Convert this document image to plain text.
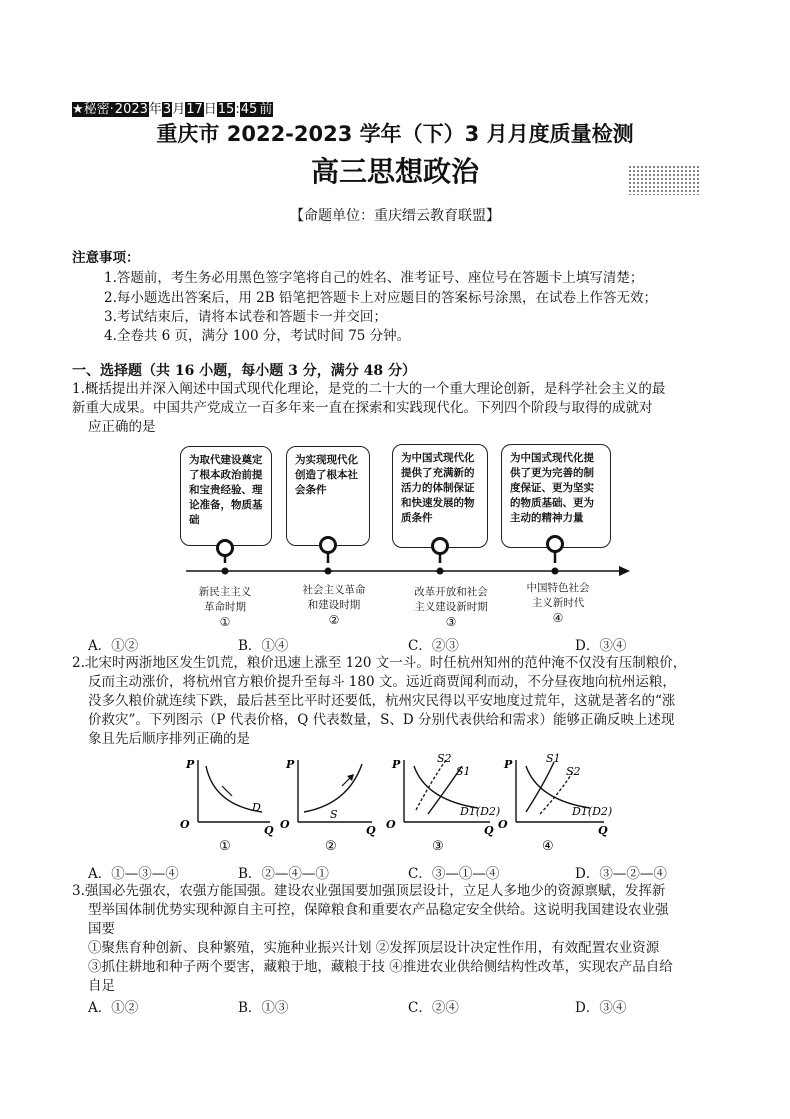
★秘密·2023年3月17日15:45 前
重庆市 2022-2023 学年（下）3 月月度质量检测
高三思想政治
【命题单位：重庆缙云教育联盟】
注意事项：
1.答题前，考生务必用黑色签字笔将自己的姓名、准考证号、座位号在答题卡上填写清楚；
2.每小题选出答案后，用 2B 铅笔把答题卡上对应题目的答案标号涂黑，在试卷上作答无效；
3.考试结束后，请将本试卷和答题卡一并交回；
4.全卷共 6 页，满分 100 分，考试时间 75 分钟。
一、选择题（共 16 小题，每小题 3 分，满分 48 分）
1.概括提出并深入阐述中国式现代化理论，是党的二十大的一个重大理论创新，是科学社会主义的最
新重大成果。中国共产党成立一百多年来一直在探索和实践现代化。下列四个阶段与取得的成就对
应正确的是
为取代建设奠定了根本政治前提和宝贵经验、理论准备，物质基础
为实现现代化创造了根本社会条件
为中国式现代化提供了充满新的活力的体制保证和快速发展的物质条件
为中国式现代化提供了更为完善的制度保证、更为坚实的物质基础、更为主动的精神力量
新民主主义
革命时期
①
社会主义革命
和建设时期
②
改革开放和社会
主义建设新时期
③
中国特色社会
主义新时代
④
A．①②	B．①④	C．②③	D．③④
2.北宋时两浙地区发生饥荒，粮价迅速上涨至 120 文一斗。时任杭州知州的范仲淹不仅没有压制粮价，
反而主动涨价，将杭州官方粮价提升至每斗 180 文。远近商贾闻利而动，不分昼夜地向杭州运粮，
没多久粮价就连续下跌，最后甚至比平时还要低，杭州灾民得以平安地度过荒年，这就是著名的“涨
价救灾”。下列图示（P 代表价格，Q 代表数量，S、D 分别代表供给和需求）能够正确反映上述现
象且先后顺序排列正确的是
P
O	Q
D
P
O	Q
S
P
O	Q
S2
S1
D1(D2)
P
O	Q
S1
S2
D1(D2)
①	②	③	④
A．①—③—④	B．②—④—①	C．③—①—④	D．③—②—④
3.强国必先强农，农强方能国强。建设农业强国要加强顶层设计，立足人多地少的资源禀赋，发挥新
型举国体制优势实现种源自主可控，保障粮食和重要农产品稳定安全供给。这说明我国建设农业强
国要
①聚焦育种创新、良种繁殖，实施种业振兴计划 ②发挥顶层设计决定性作用，有效配置农业资源
③抓住耕地和种子两个要害，藏粮于地，藏粮于技 ④推进农业供给侧结构性改革，实现农产品自给
自足
A．①②	B．①③	C．②④	D．③④
